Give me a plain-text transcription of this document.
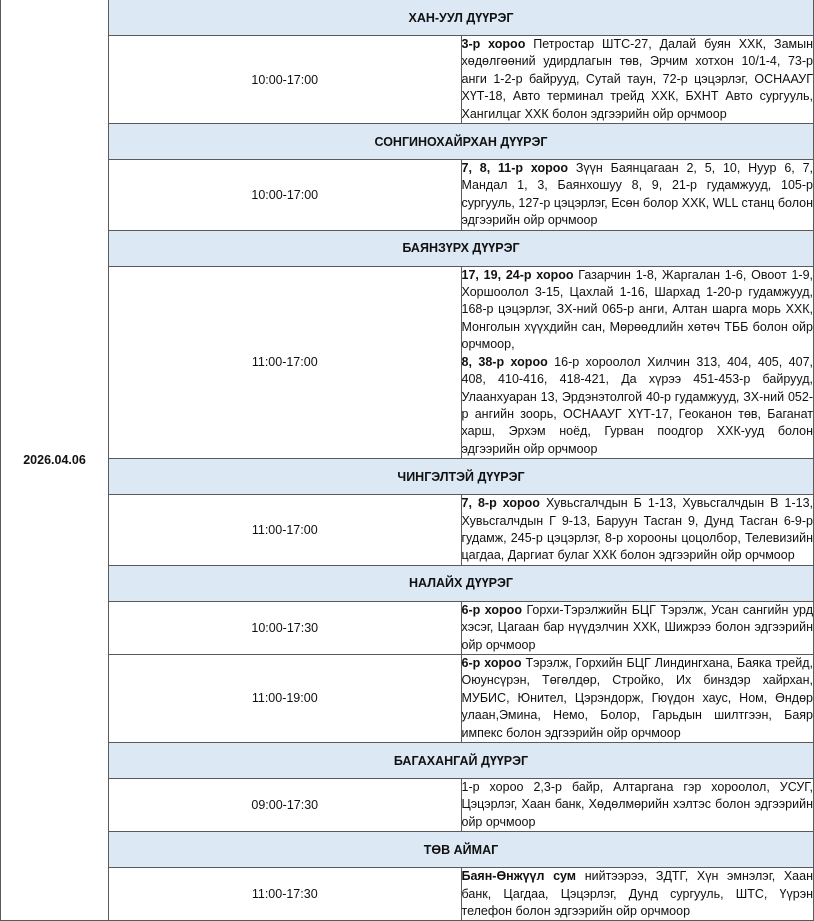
2026.04.06	ХАН-УУЛ ДҮҮРЭГ	
	10:00-17:00	3-р хороо Петростар ШТС-27, Далай буян ХХК, Замын хөдөлгөөний удирдлагын төв, Эрчим хотхон 10/1-4, 73-р анги 1-2-р байрууд, Сутай таун, 72-р цэцэрлэг, ОСНААУГ ХҮТ-18, Авто терминал трейд ХХК, БХНТ Авто сургууль, Хангилцаг ХХК болон эдгээрийн ойр орчмоор
	СОНГИНОХАЙРХАН ДҮҮРЭГ	
	10:00-17:00	7, 8, 11-р хороо Зүүн Баянцагаан 2, 5, 10, Нуур 6, 7, Мандал 1, 3, Баянхошуу 8, 9, 21-р гудамжууд, 105-р сургууль, 127-р цэцэрлэг, Есөн болор ХХК, WLL станц болон эдгээрийн ойр орчмоор
	БАЯНЗҮРХ ДҮҮРЭГ	
	11:00-17:00	17, 19, 24-р хороо Газарчин 1-8, Жаргалан 1-6, Овоот 1-9, Хоршоолол 3-15, Цахлай 1-16, Шархад 1-20-р гудамжууд, 168-р цэцэрлэг, ЗХ-ний 065-р анги, Алтан шарга морь ХХК, Монголын хүүхдийн сан, Мөрөөдлийн хөтөч ТББ болон ойр орчмоор,
8, 38-р хороо 16-р хороолол Хилчин 313, 404, 405, 407, 408, 410-416, 418-421, Да хүрээ 451-453-р байрууд, Улаанхуаран 13, Эрдэнэтолгой 40-р гудамжууд, ЗХ-ний 052-р ангийн зоорь, ОСНААУГ ХҮТ-17, Геоканон төв, Баганат харш, Эрхэм ноёд, Гурван поодгор ХХК-ууд болон эдгээрийн ойр орчмоор
	ЧИНГЭЛТЭЙ ДҮҮРЭГ	
	11:00-17:00	7, 8-р хороо Хувьсгалчдын Б 1-13, Хувьсгалчдын В 1-13, Хувьсгалчдын Г 9-13, Баруун Тасган 9, Дунд Тасган 6-9-р гудамж, 245-р цэцэрлэг, 8-р хорооны цоцолбор, Телевизийн цагдаа, Даргиат булаг ХХК болон эдгээрийн ойр орчмоор
	НАЛАЙХ ДҮҮРЭГ	
	10:00-17:30	6-р хороо Горхи-Тэрэлжийн БЦГ Тэрэлж, Усан сангийн урд хэсэг, Цагаан бар нүүдэлчин ХХК, Шижрээ болон эдгээрийн ойр орчмоор
	11:00-19:00	6-р хороо Тэрэлж, Горхийн БЦГ Линдингхана, Баяка трейд, Оюунсүрэн, Төгөлдөр, Стройко, Их бинздэр хайрхан, МУБИС, Юнител, Цэрэндорж, Гюүдон хаус, Ном, Өндөр улаан,Эмина, Немо, Болор, Гарьдын шилтгээн, Баяр импекс болон эдгээрийн ойр орчмоор
	БАГАХАНГАЙ ДҮҮРЭГ	
	09:00-17:30	1-р хороо 2,3-р байр, Алтаргана гэр хороолол, УСУГ, Цэцэрлэг, Хаан банк, Хөдөлмөрийн хэлтэс болон эдгээрийн ойр орчмоор
	ТӨВ АЙМАГ	
	11:00-17:30	Баян-Өнжүүл сум нийтээрээ, ЗДТГ, Хүн эмнэлэг, Хаан банк, Цагдаа, Цэцэрлэг, Дунд сургууль, ШТС, Үүрэн телефон болон эдгээрийн ойр орчмоор
